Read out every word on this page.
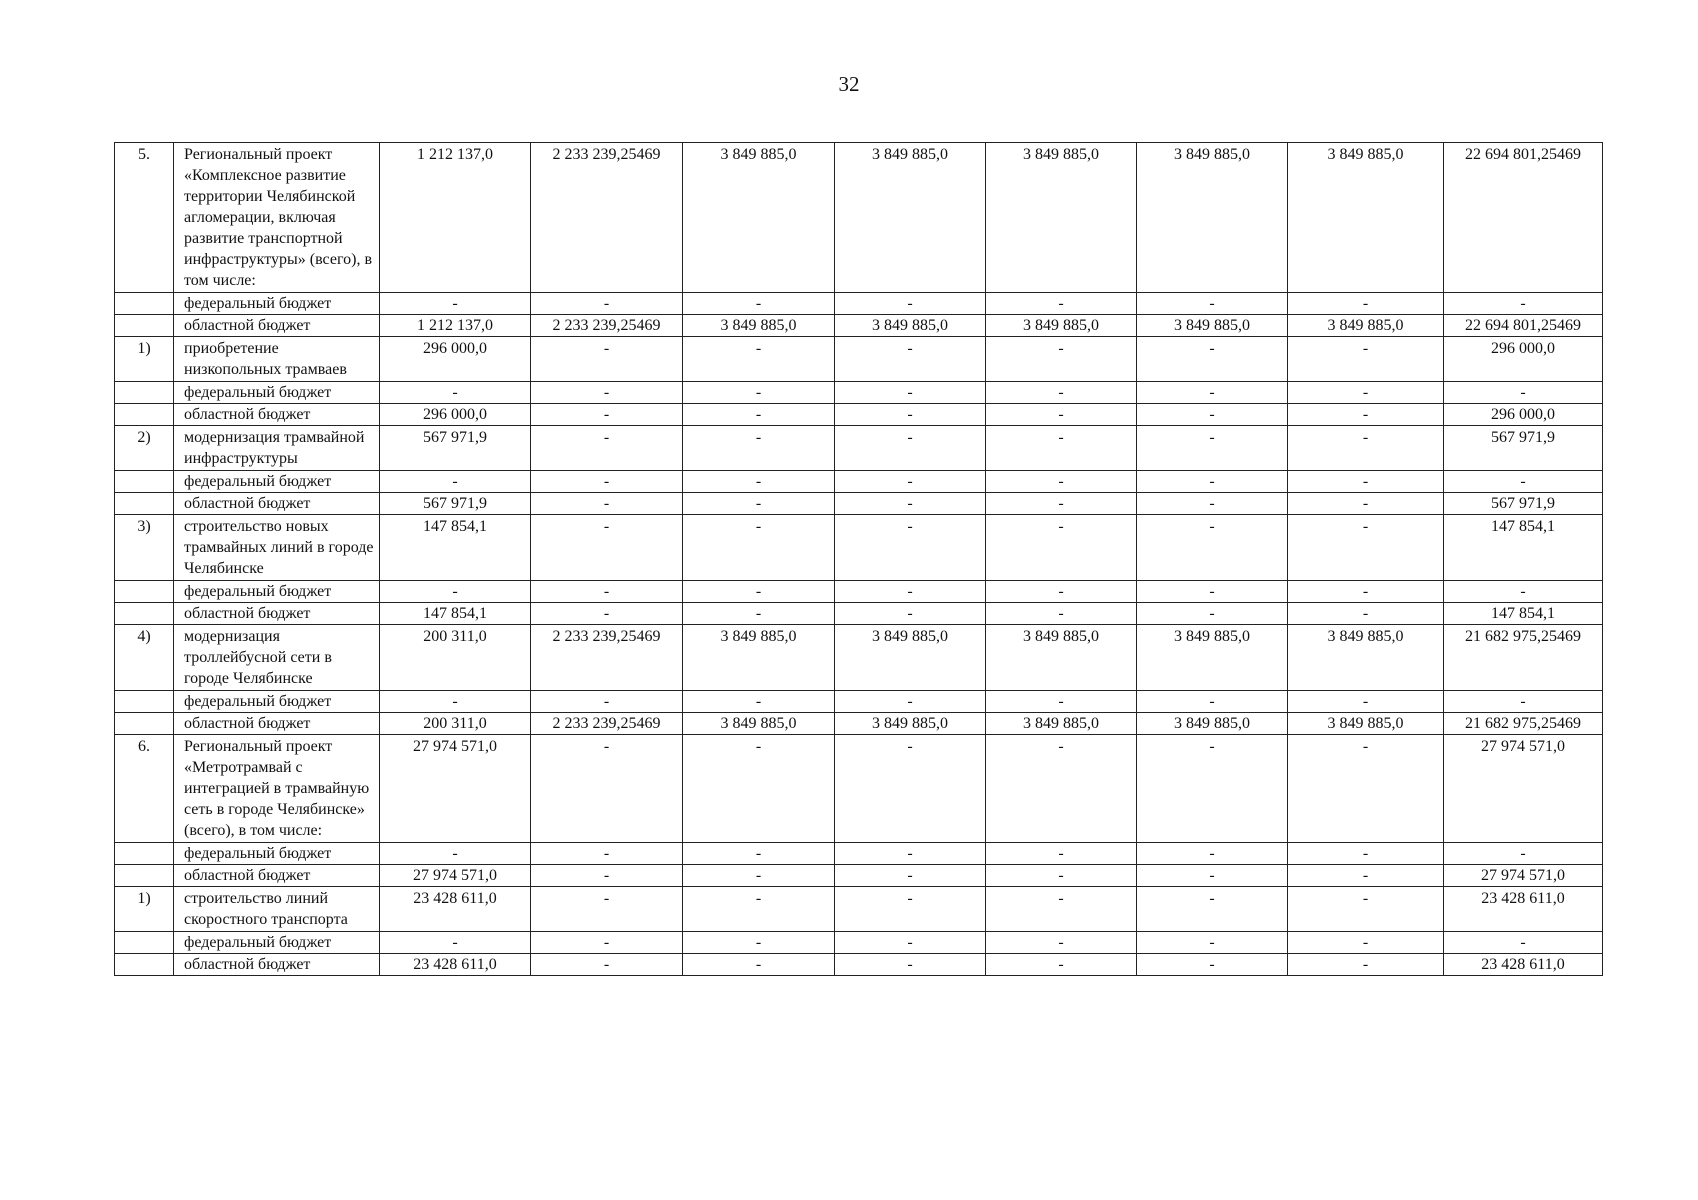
32
5.	Региональный проект «Комплексное развитие территории Челябинской агломерации, включая развитие транспортной инфраструктуры» (всего), в том числе:	1 212 137,0	2 233 239,25469	3 849 885,0	3 849 885,0	3 849 885,0	3 849 885,0	3 849 885,0	22 694 801,25469
	федеральный бюджет	-	-	-	-	-	-	-	-
	областной бюджет	1 212 137,0	2 233 239,25469	3 849 885,0	3 849 885,0	3 849 885,0	3 849 885,0	3 849 885,0	22 694 801,25469
1)	приобретение низкопольных трамваев	296 000,0	-	-	-	-	-	-	296 000,0
	федеральный бюджет	-	-	-	-	-	-	-	-
	областной бюджет	296 000,0	-	-	-	-	-	-	296 000,0
2)	модернизация трамвайной инфраструктуры	567 971,9	-	-	-	-	-	-	567 971,9
	федеральный бюджет	-	-	-	-	-	-	-	-
	областной бюджет	567 971,9	-	-	-	-	-	-	567 971,9
3)	строительство новых трамвайных линий в городе Челябинске	147 854,1	-	-	-	-	-	-	147 854,1
	федеральный бюджет	-	-	-	-	-	-	-	-
	областной бюджет	147 854,1	-	-	-	-	-	-	147 854,1
4)	модернизация троллейбусной сети в городе Челябинске	200 311,0	2 233 239,25469	3 849 885,0	3 849 885,0	3 849 885,0	3 849 885,0	3 849 885,0	21 682 975,25469
	федеральный бюджет	-	-	-	-	-	-	-	-
	областной бюджет	200 311,0	2 233 239,25469	3 849 885,0	3 849 885,0	3 849 885,0	3 849 885,0	3 849 885,0	21 682 975,25469
6.	Региональный проект «Метротрамвай с интеграцией в трамвайную сеть в городе Челябинске» (всего), в том числе:	27 974 571,0	-	-	-	-	-	-	27 974 571,0
	федеральный бюджет	-	-	-	-	-	-	-	-
	областной бюджет	27 974 571,0	-	-	-	-	-	-	27 974 571,0
1)	строительство линий скоростного транспорта	23 428 611,0	-	-	-	-	-	-	23 428 611,0
	федеральный бюджет	-	-	-	-	-	-	-	-
	областной бюджет	23 428 611,0	-	-	-	-	-	-	23 428 611,0
